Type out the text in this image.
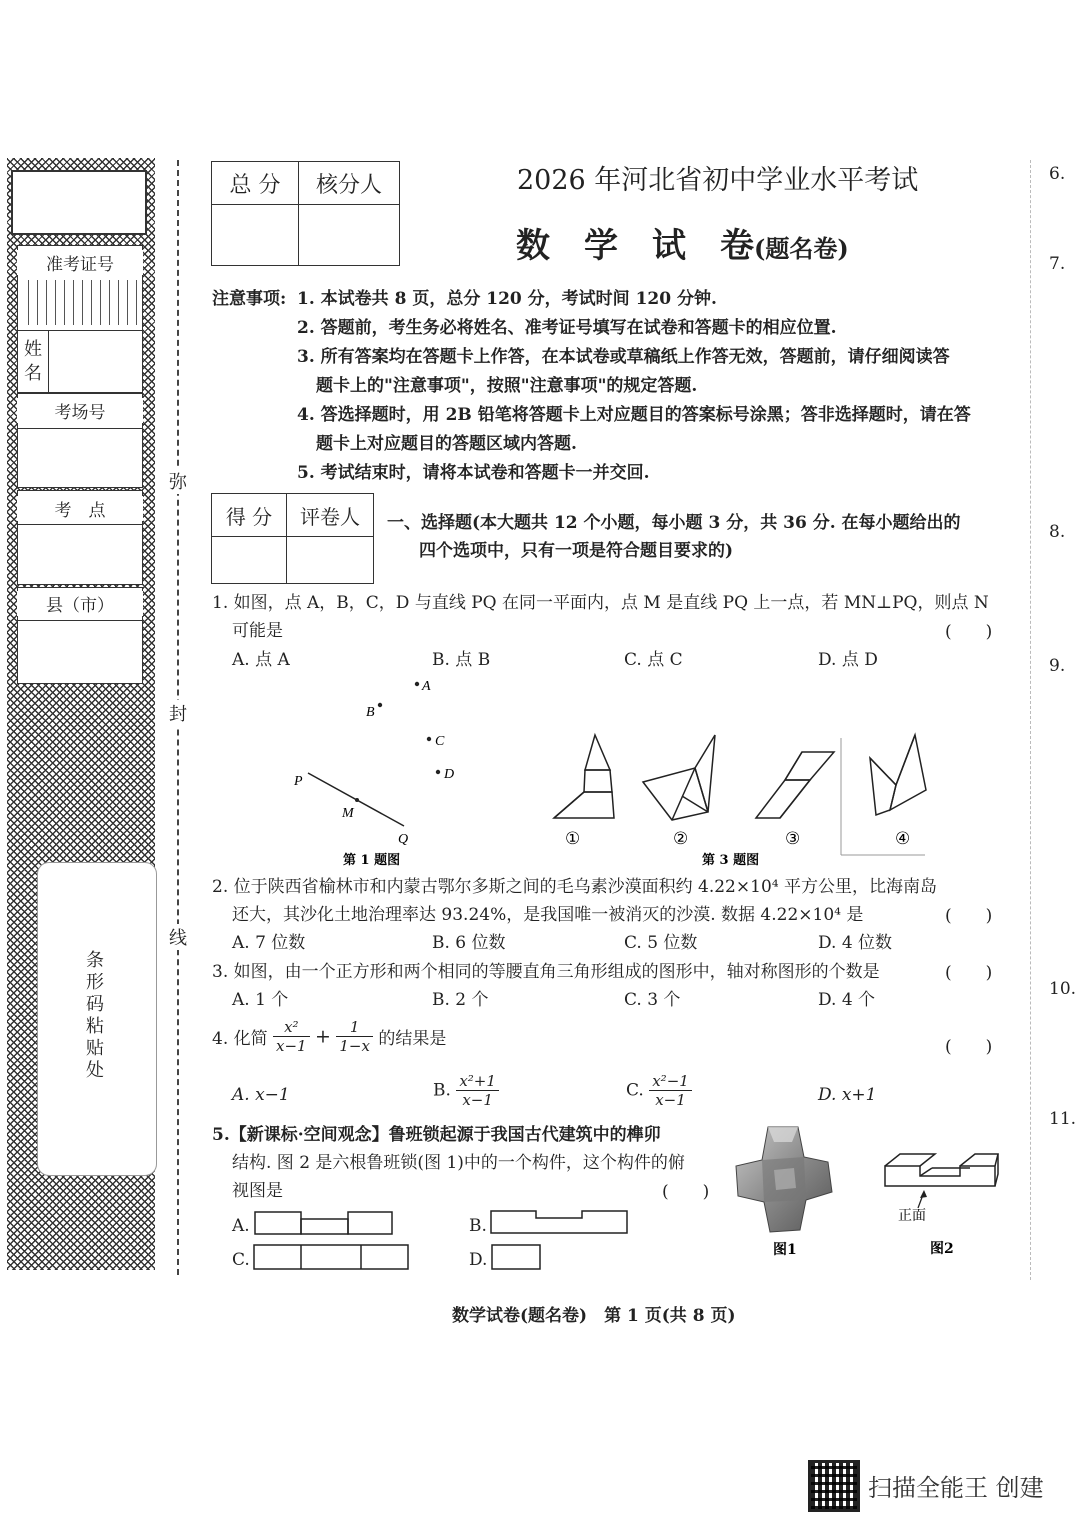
准考证号
姓名
考场号
考　点
县（市）
条形码粘贴处
弥
封
线
总 分	核分人
		2026 年河北省初中学业水平考试
数　学　试　卷(题名卷)
注意事项: 1. 本试卷共 8 页，总分 120 分，考试时间 120 分钟.
2. 答题前，考生务必将姓名、准考证号填写在试卷和答题卡的相应位置.
3. 所有答案均在答题卡上作答，在本试卷或草稿纸上作答无效，答题前，请仔细阅读答
题卡上的"注意事项"，按照"注意事项"的规定答题.
4. 答选择题时，用 2B 铅笔将答题卡上对应题目的答案标号涂黑；答非选择题时，请在答
题卡上对应题目的答题区域内答题.
5. 考试结束时，请将本试卷和答题卡一并交回.
得 分	评卷人
	一、选择题(本大题共 12 个小题，每小题 3 分，共 36 分. 在每小题给出的
四个选项中，只有一项是符合题目要求的)
1. 如图，点 A，B，C，D 与直线 PQ 在同一平面内，点 M 是直线 PQ 上一点，若 MN⊥PQ，则点 N
可能是	(　　)
A. 点 A	B. 点 B	C. 点 C	D. 点 D
A
B
C
D
P
M
Q
第 1 题图
①	②	③	④
第 3 题图
2. 位于陕西省榆林市和内蒙古鄂尔多斯之间的毛乌素沙漠面积约 4.22×10⁴ 平方公里，比海南岛
还大，其沙化土地治理率达 93.24%，是我国唯一被消灭的沙漠. 数据 4.22×10⁴ 是	(　　)
A. 7 位数	B. 6 位数	C. 5 位数	D. 4 位数
3. 如图，由一个正方形和两个相同的等腰直角三角形组成的图形中，轴对称图形的个数是	(　　)
A. 1 个	B. 2 个	C. 3 个	D. 4 个
4. 化简 $\frac{\text{x²}}{x-1} + \frac{1}{1-x}$ 的结果是	(　　)
A. x−1	B. $\frac{\text{x²+1}}{x-1}$	C. $\frac{\text{x²−1}}{x-1}$	D. x+1
5.【新课标·空间观念】鲁班锁起源于我国古代建筑中的榫卯
结构. 图 2 是六根鲁班锁(图 1)中的一个构件，这个构件的俯
视图是	(　　)
A.	B.
C.	D.	图1
正面
图2
6.
7.
8.
9.
10.
11.
数学试卷(题名卷)　第 1 页(共 8 页)
扫描全能王 创建
